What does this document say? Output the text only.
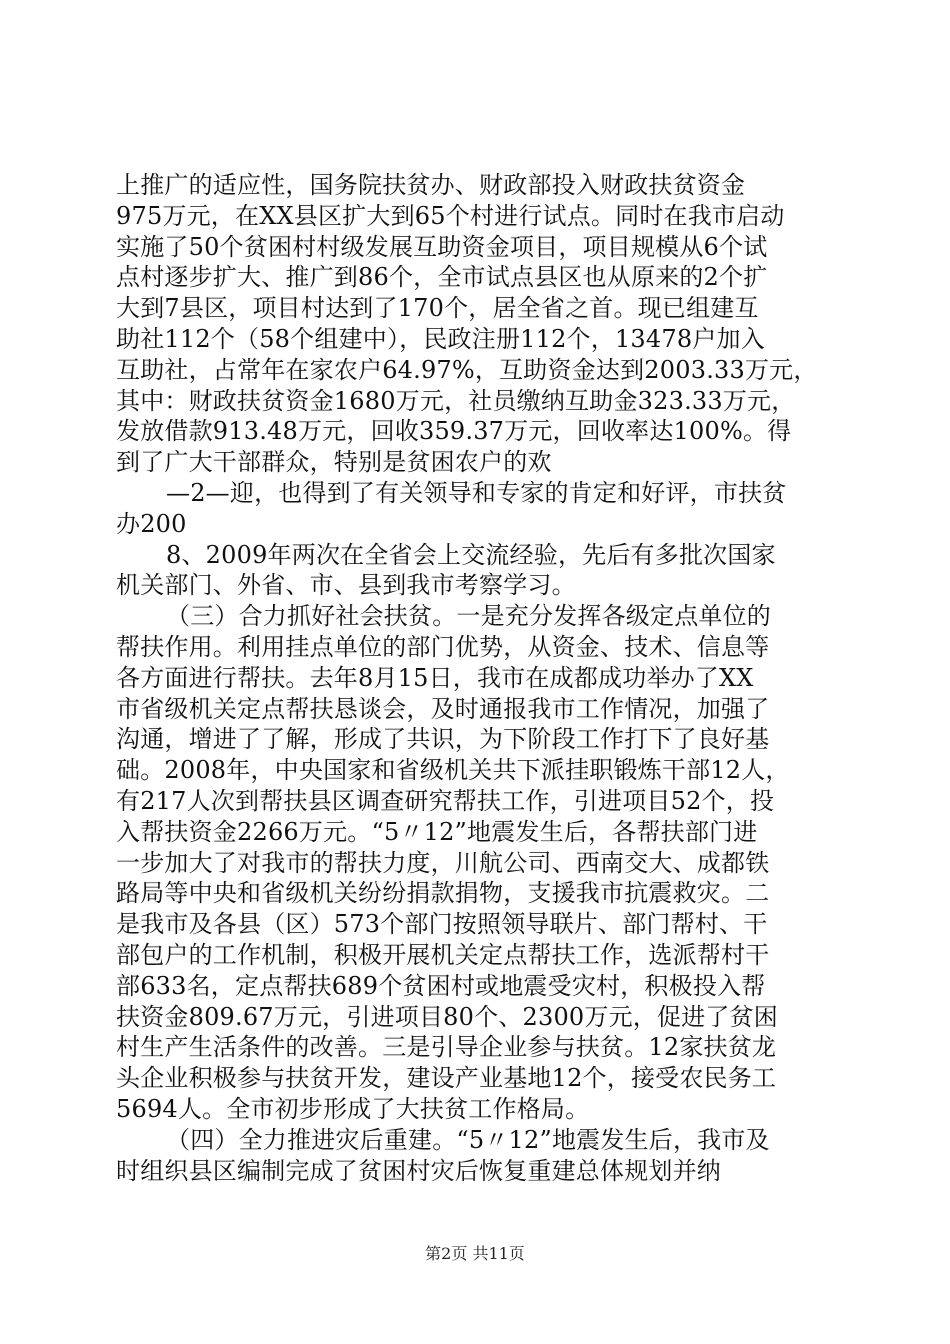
上推广的适应性，国务院扶贫办、财政部投入财政扶贫资金
975万元，在XX县区扩大到65个村进行试点。同时在我市启动
实施了50个贫困村村级发展互助资金项目，项目规模从6个试
点村逐步扩大、推广到86个，全市试点县区也从原来的2个扩
大到7县区，项目村达到了170个，居全省之首。现已组建互
助社112个（58个组建中），民政注册112个，13478户加入
互助社，占常年在家农户64.97%，互助资金达到2003.33万元，
其中：财政扶贫资金1680万元，社员缴纳互助金323.33万元，
发放借款913.48万元，回收359.37万元，回收率达100%。得
到了广大干部群众，特别是贫困农户的欢
—2—迎，也得到了有关领导和专家的肯定和好评，市扶贫
办200
8、2009年两次在全省会上交流经验，先后有多批次国家
机关部门、外省、市、县到我市考察学习。
（三）合力抓好社会扶贫。一是充分发挥各级定点单位的
帮扶作用。利用挂点单位的部门优势，从资金、技术、信息等
各方面进行帮扶。去年8月15日，我市在成都成功举办了XX
市省级机关定点帮扶恳谈会，及时通报我市工作情况，加强了
沟通，增进了了解，形成了共识，为下阶段工作打下了良好基
础。2008年，中央国家和省级机关共下派挂职锻炼干部12人，
有217人次到帮扶县区调查研究帮扶工作，引进项目52个，投
入帮扶资金2266万元。“5〃12”地震发生后，各帮扶部门进
一步加大了对我市的帮扶力度，川航公司、西南交大、成都铁
路局等中央和省级机关纷纷捐款捐物，支援我市抗震救灾。二
是我市及各县（区）573个部门按照领导联片、部门帮村、干
部包户的工作机制，积极开展机关定点帮扶工作，选派帮村干
部633名，定点帮扶689个贫困村或地震受灾村，积极投入帮
扶资金809.67万元，引进项目80个、2300万元，促进了贫困
村生产生活条件的改善。三是引导企业参与扶贫。12家扶贫龙
头企业积极参与扶贫开发，建设产业基地12个，接受农民务工
5694人。全市初步形成了大扶贫工作格局。
（四）全力推进灾后重建。“5〃12”地震发生后，我市及
时组织县区编制完成了贫困村灾后恢复重建总体规划并纳
第2页 共11页
